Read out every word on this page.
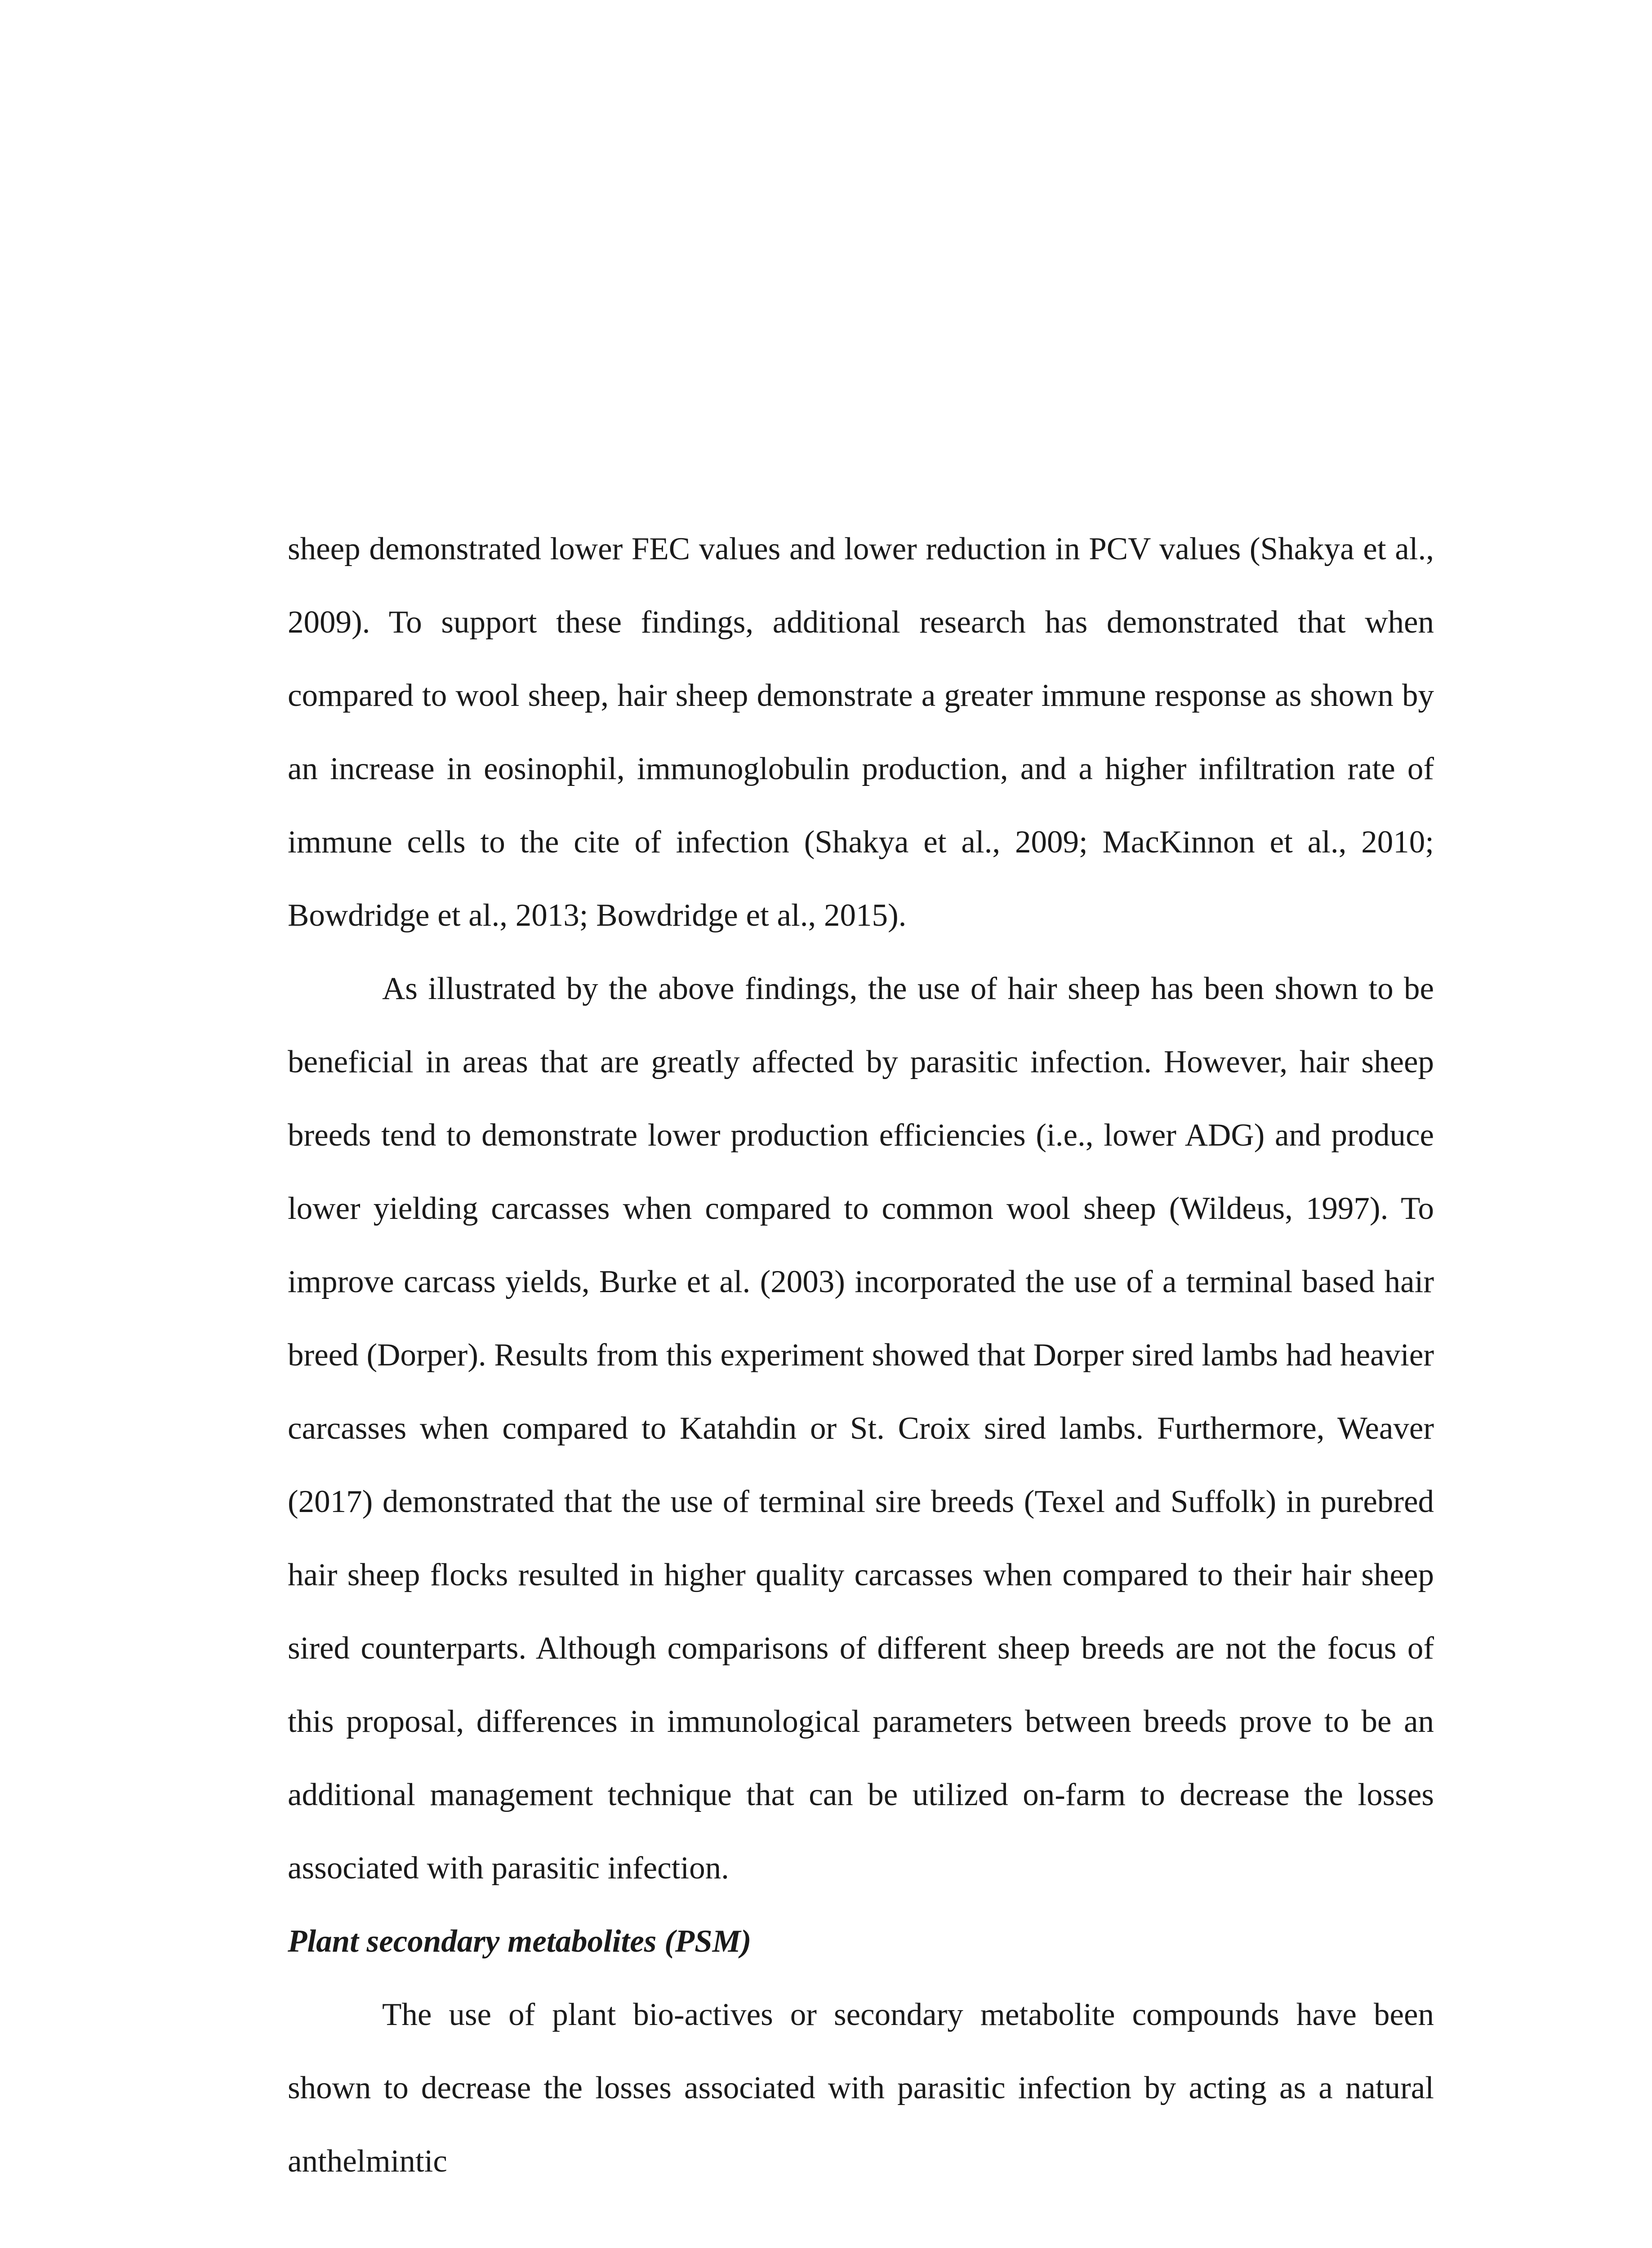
sheep demonstrated lower FEC values and lower reduction in PCV values (Shakya et al., 2009). To support these findings, additional research has demonstrated that when compared to wool sheep, hair sheep demonstrate a greater immune response as shown by an increase in eosinophil, immunoglobulin production, and a higher infiltration rate of immune cells to the cite of infection (Shakya et al., 2009; MacKinnon et al., 2010; Bowdridge et al., 2013; Bowdridge et al., 2015).

As illustrated by the above findings, the use of hair sheep has been shown to be beneficial in areas that are greatly affected by parasitic infection. However, hair sheep breeds tend to demonstrate lower production efficiencies (i.e., lower ADG) and produce lower yielding carcasses when compared to common wool sheep (Wildeus, 1997). To improve carcass yields, Burke et al. (2003) incorporated the use of a terminal based hair breed (Dorper). Results from this experiment showed that Dorper sired lambs had heavier carcasses when compared to Katahdin or St. Croix sired lambs. Furthermore, Weaver (2017) demonstrated that the use of terminal sire breeds (Texel and Suffolk) in purebred hair sheep flocks resulted in higher quality carcasses when compared to their hair sheep sired counterparts. Although comparisons of different sheep breeds are not the focus of this proposal, differences in immunological parameters between breeds prove to be an additional management technique that can be utilized on-farm to decrease the losses associated with parasitic infection.

Plant secondary metabolites (PSM)

The use of plant bio-actives or secondary metabolite compounds have been shown to decrease the losses associated with parasitic infection by acting as a natural anthelmintic
